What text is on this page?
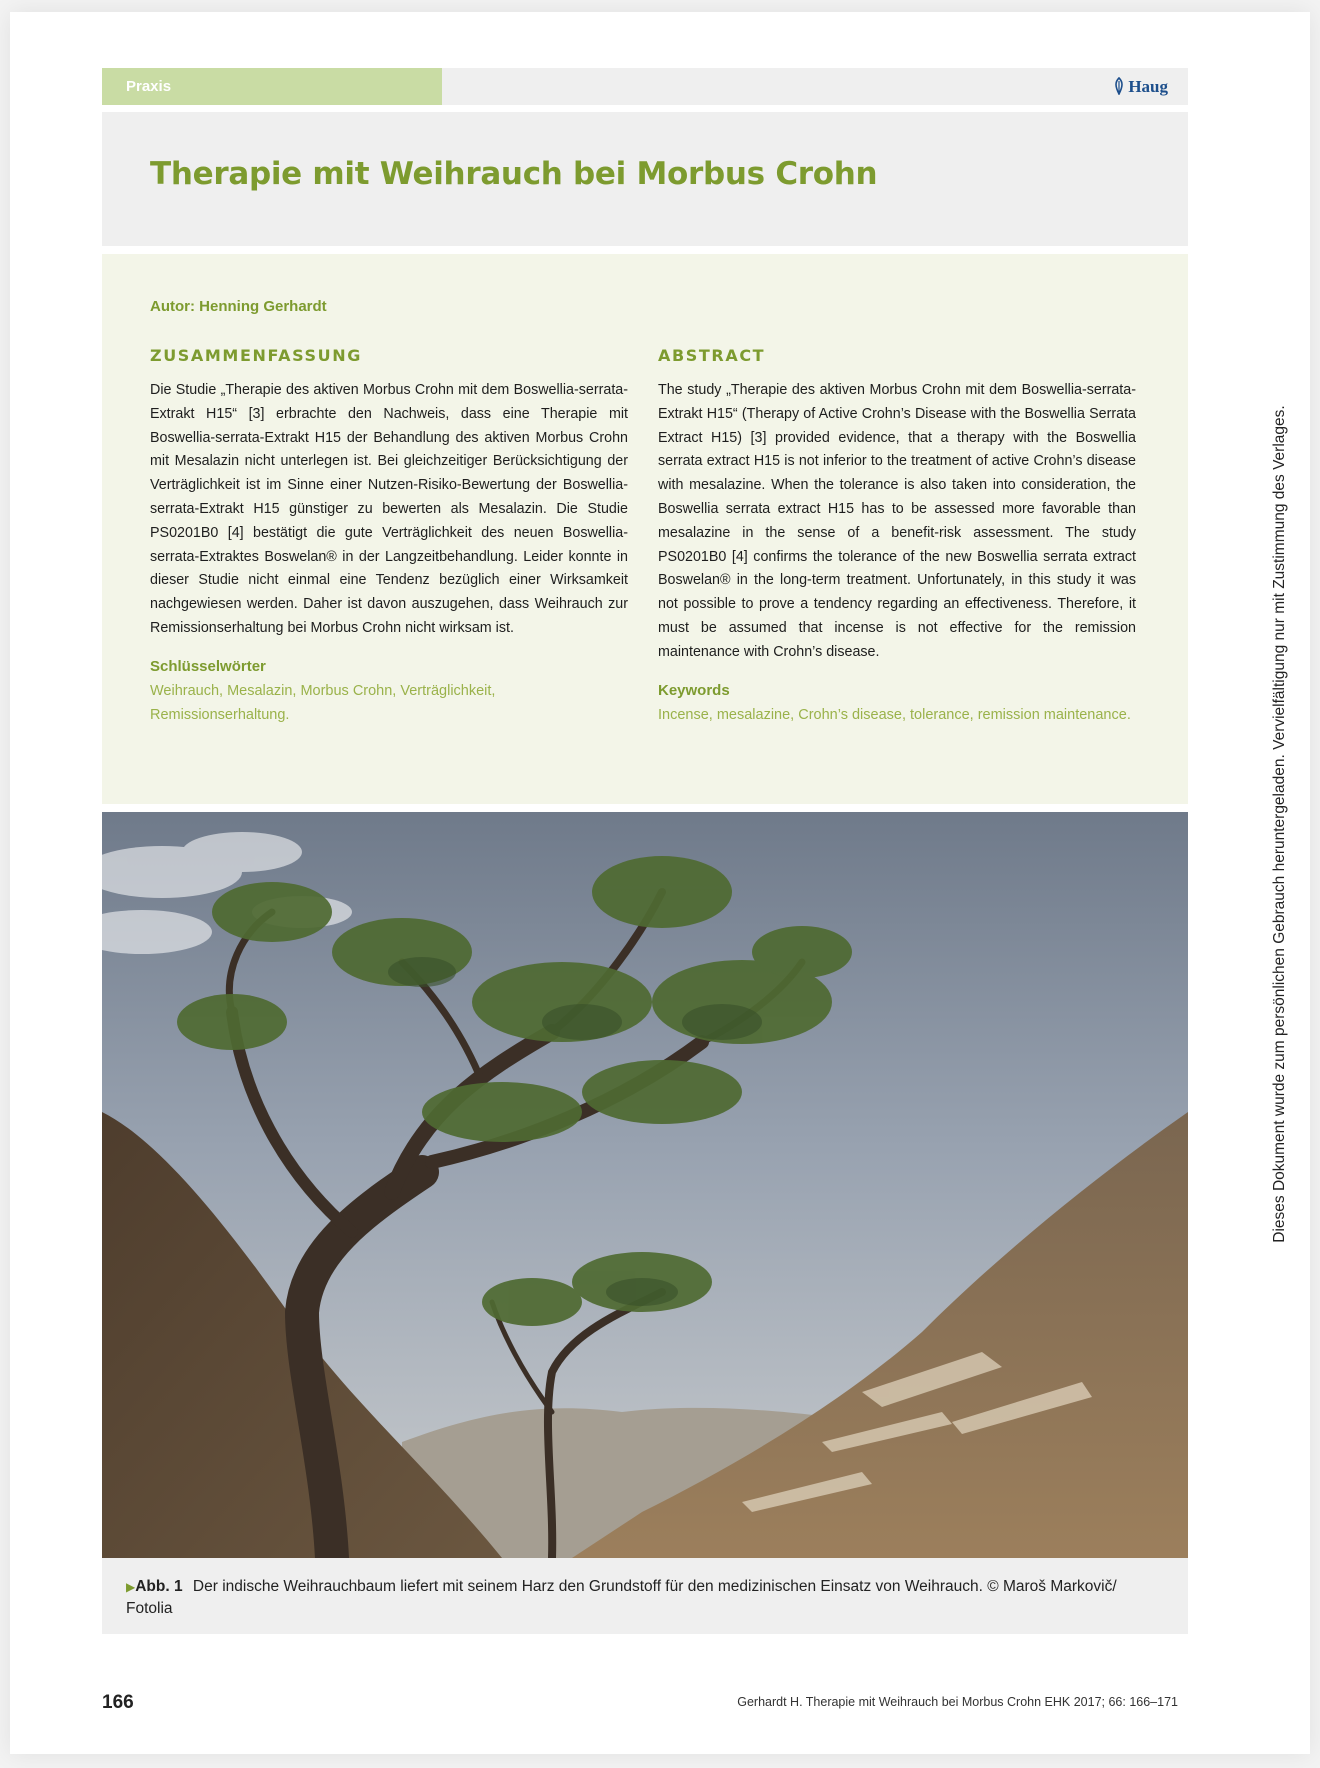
Praxis	Haug
Therapie mit Weihrauch bei Morbus Crohn
Autor: Henning Gerhardt
ZUSAMMENFASSUNG

Die Studie „Therapie des aktiven Morbus Crohn mit dem Boswellia-serrata-Extrakt H15“ [3] erbrachte den Nachweis, dass eine Therapie mit Boswellia-serrata-Extrakt H15 der Behandlung des aktiven Morbus Crohn mit Mesalazin nicht unterlegen ist. Bei gleichzeitiger Berücksichtigung der Verträglichkeit ist im Sinne einer Nutzen-Risiko-Bewertung der Boswellia-serrata-Extrakt H15 günstiger zu bewerten als Mesalazin. Die Studie PS0201B0 [4] bestätigt die gute Verträglichkeit des neuen Boswellia-serrata-Extraktes Boswelan® in der Langzeitbehandlung. Leider konnte in dieser Studie nicht einmal eine Tendenz bezüglich einer Wirksamkeit nachgewiesen werden. Daher ist davon auszugehen, dass Weihrauch zur Remissionserhaltung bei Morbus Crohn nicht wirksam ist.

Schlüsselwörter
Weihrauch, Mesalazin, Morbus Crohn, Verträglichkeit, Remissionserhaltung.
ABSTRACT

The study „Therapie des aktiven Morbus Crohn mit dem Boswellia-serrata-Extrakt H15“ (Therapy of Active Crohn’s Disease with the Boswellia Serrata Extract H15) [3] provided evidence, that a therapy with the Boswellia serrata extract H15 is not inferior to the treatment of active Crohn’s disease with mesalazine. When the tolerance is also taken into consideration, the Boswellia serrata extract H15 has to be assessed more favorable than mesalazine in the sense of a benefit-risk assessment. The study PS0201B0 [4] confirms the tolerance of the new Boswellia serrata extract Boswelan® in the long-term treatment. Unfortunately, in this study it was not possible to prove a tendency regarding an effectiveness. Therefore, it must be assumed that incense is not effective for the remission maintenance with Crohn’s disease.

Keywords
Incense, mesalazine, Crohn’s disease, tolerance, remission maintenance.
▶Abb. 1 Der indische Weihrauchbaum liefert mit seinem Harz den Grundstoff für den medizinischen Einsatz von Weihrauch. © Maroš Markovič/ Fotolia
166	Gerhardt H. Therapie mit Weihrauch bei Morbus Crohn EHK 2017; 66: 166–171
Dieses Dokument wurde zum persönlichen Gebrauch heruntergeladen. Vervielfältigung nur mit Zustimmung des Verlages.
